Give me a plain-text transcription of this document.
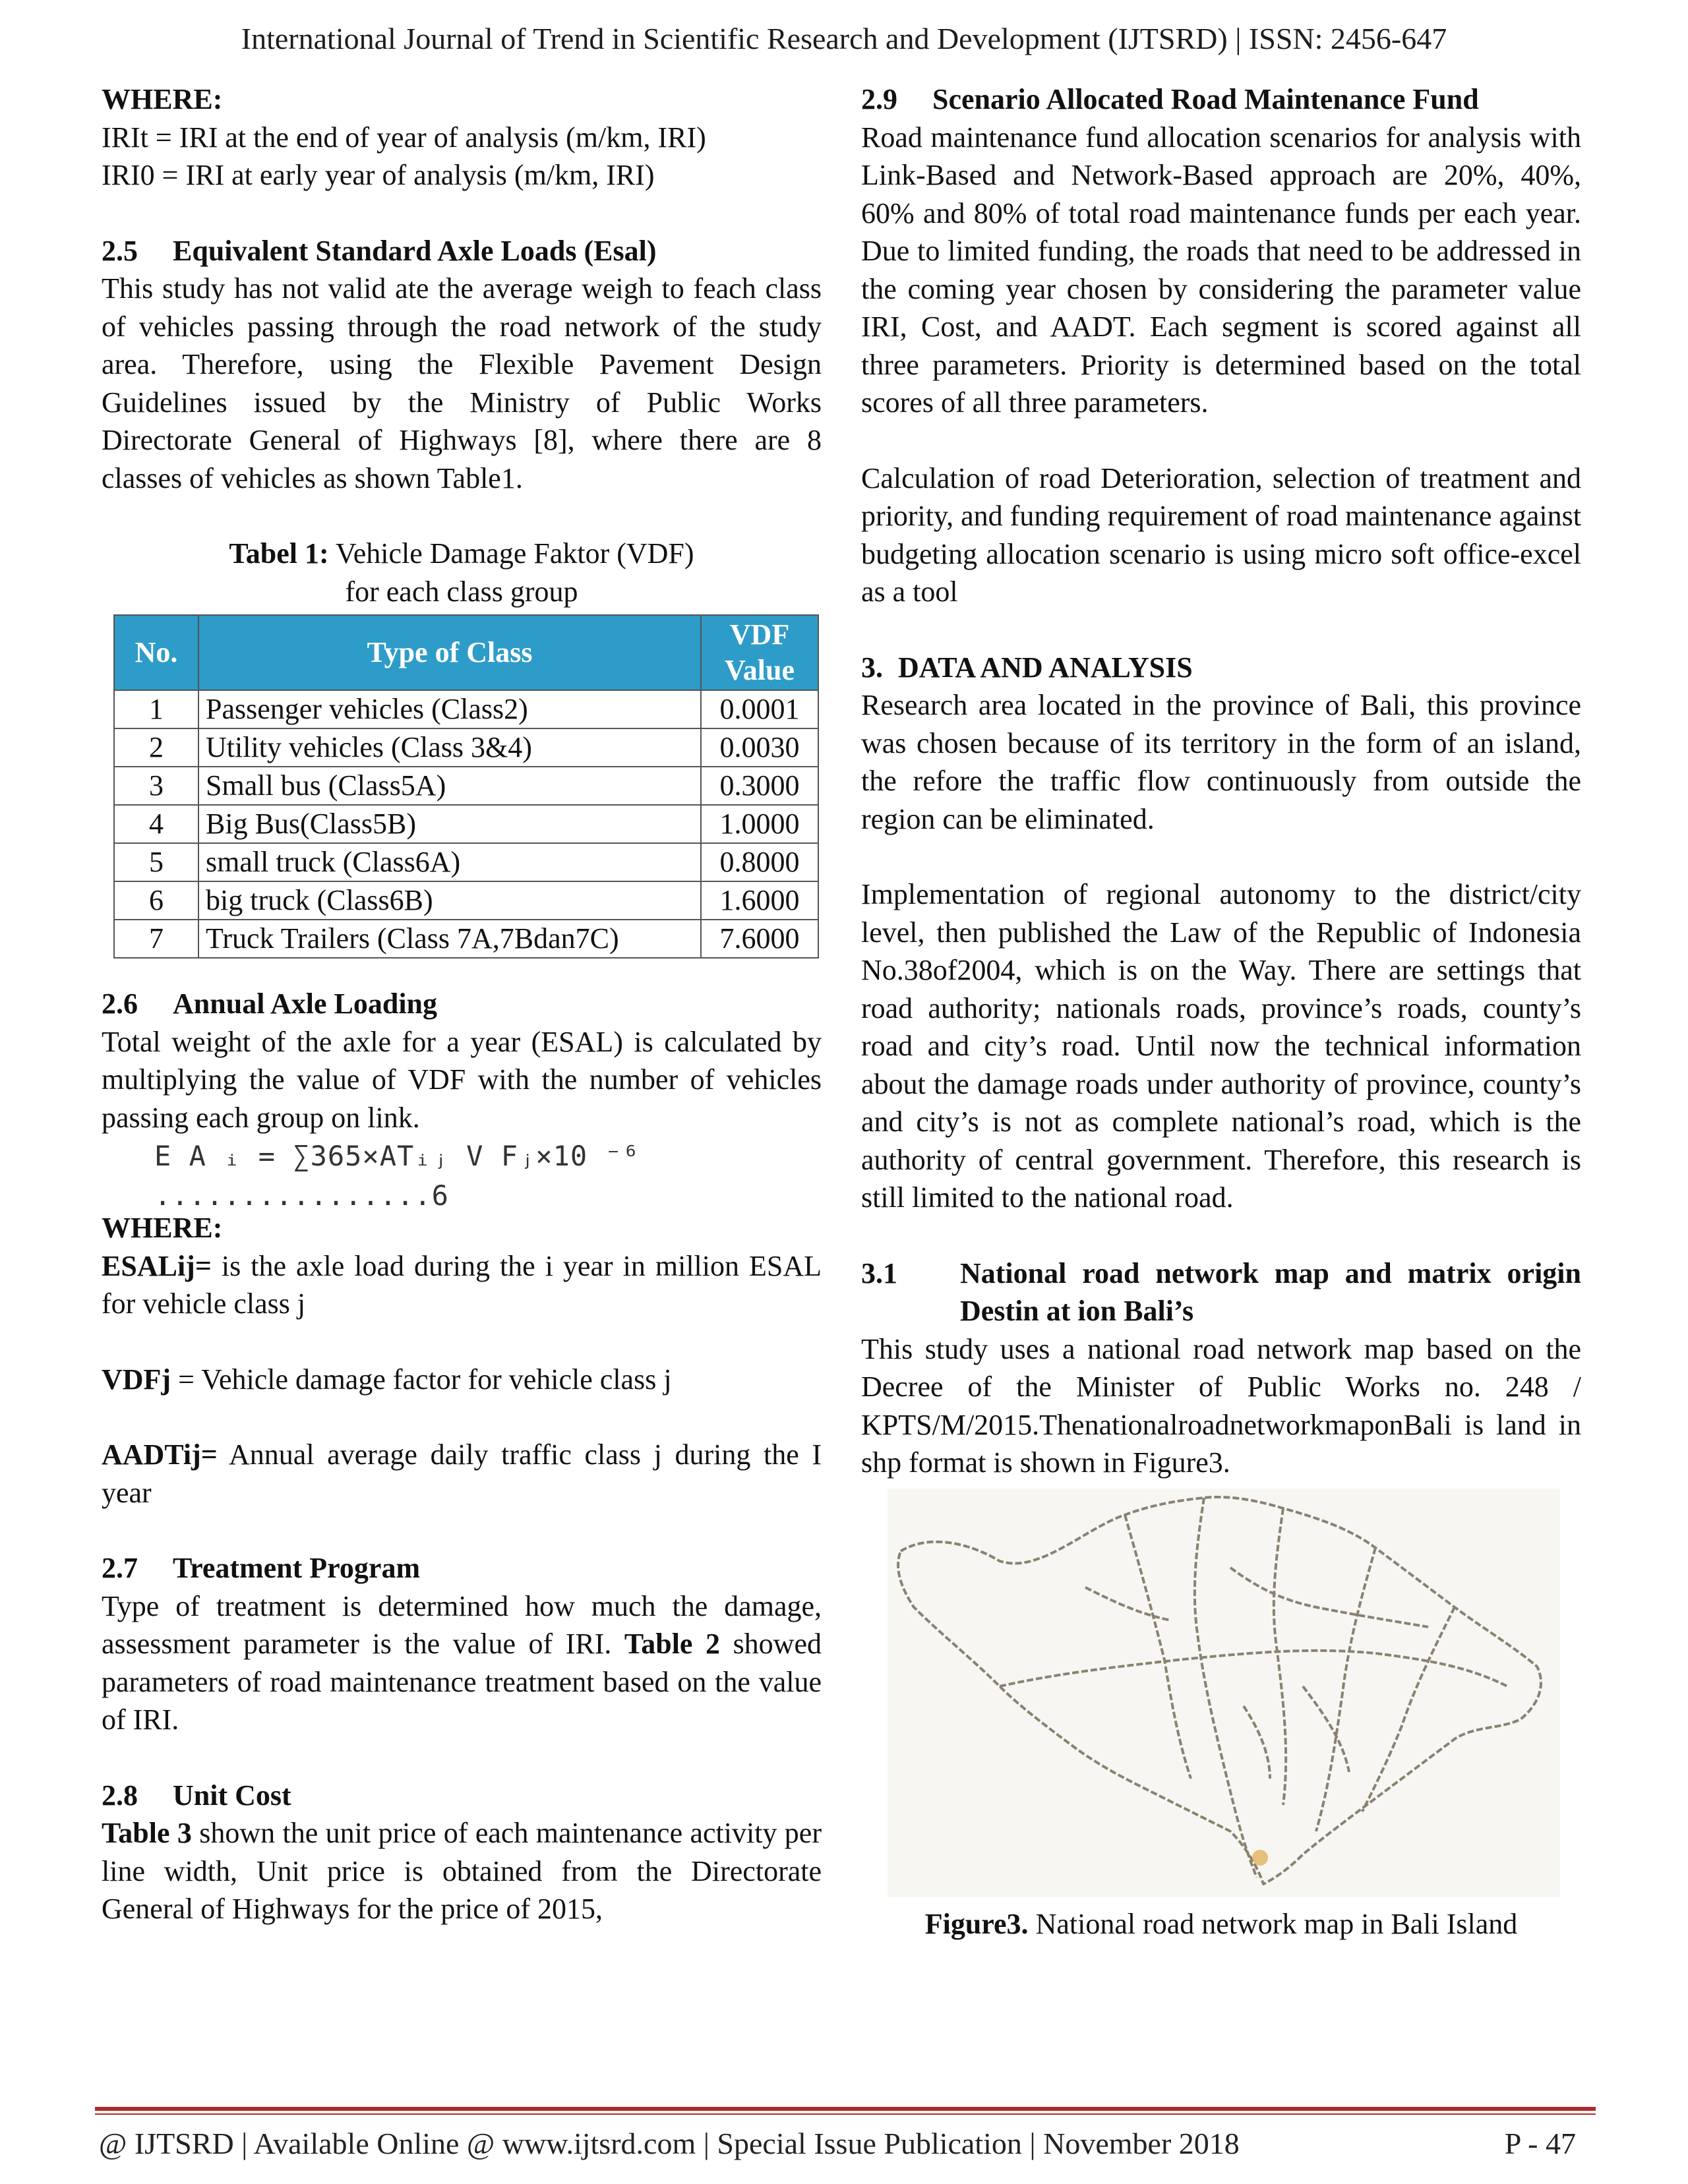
International Journal of Trend in Scientific Research and Development (IJTSRD) | ISSN: 2456-647

WHERE:

IRIt = IRI at the end of year of analysis (m/km, IRI)

IRI0 = IRI at early year of analysis (m/km, IRI)

2.5 Equivalent Standard Axle Loads (Esal)

This study has not valid ate the average weigh to feach class of vehicles passing through the road network of the study area. Therefore, using the Flexible Pavement Design Guidelines issued by the Ministry of Public Works Directorate General of Highways [8], where there are 8 classes of vehicles as shown Table1.

Tabel 1: Vehicle Damage Faktor (VDF)

for each class group

No.	Type of Class	VDF Value
1	Passenger vehicles (Class2)	0.0001
2	Utility vehicles (Class 3&4)	0.0030
3	Small bus (Class5A)	0.3000
4	Big Bus(Class5B)	1.0000
5	small truck (Class6A)	0.8000
6	big truck (Class6B)	1.6000
7	Truck Trailers (Class 7A,7Bdan7C)	7.6000

2.6 Annual Axle Loading

Total weight of the axle for a year (ESAL) is calculated by multiplying the value of VDF with the number of vehicles passing each group on link.

E A ᵢ = ∑365×ATᵢⱼ V Fⱼ×10 ⁻⁶ ................6

WHERE:

ESALij= is the axle load during the i year in million ESAL for vehicle class j

VDFj = Vehicle damage factor for vehicle class j

AADTij= Annual average daily traffic class j during the I year

2.7 Treatment Program

Type of treatment is determined how much the damage, assessment parameter is the value of IRI. Table 2 showed parameters of road maintenance treatment based on the value of IRI.

2.8 Unit Cost

Table 3 shown the unit price of each maintenance activity per line width, Unit price is obtained from the Directorate General of Highways for the price of 2015,

2.9 Scenario Allocated Road Maintenance Fund

Road maintenance fund allocation scenarios for analysis with Link-Based and Network-Based approach are 20%, 40%, 60% and 80% of total road maintenance funds per each year. Due to limited funding, the roads that need to be addressed in the coming year chosen by considering the parameter value IRI, Cost, and AADT. Each segment is scored against all three parameters. Priority is determined based on the total scores of all three parameters.

Calculation of road Deterioration, selection of treatment and priority, and funding requirement of road maintenance against budgeting allocation scenario is using micro soft office-excel as a tool

3. DATA AND ANALYSIS

Research area located in the province of Bali, this province was chosen because of its territory in the form of an island, the refore the traffic flow continuously from outside the region can be eliminated.

Implementation of regional autonomy to the district/city level, then published the Law of the Republic of Indonesia No.38of2004, which is on the Way. There are settings that road authority; nationals roads, province’s roads, county’s road and city’s road. Until now the technical information about the damage roads under authority of province, county’s and city’s is not as complete national’s road, which is the authority of central government. Therefore, this research is still limited to the national road.

3.1	National road network map and matrix origin Destin at ion Bali’s

This study uses a national road network map based on the Decree of the Minister of Public Works no. 248 / KPTS/M/2015.ThenationalroadnetworkmaponBali is land in shp format is shown in Figure3.

Figure3. National road network map in Bali Island
@ IJTSRD | Available Online @ www.ijtsrd.com | Special Issue Publication | November 2018	P - 47
